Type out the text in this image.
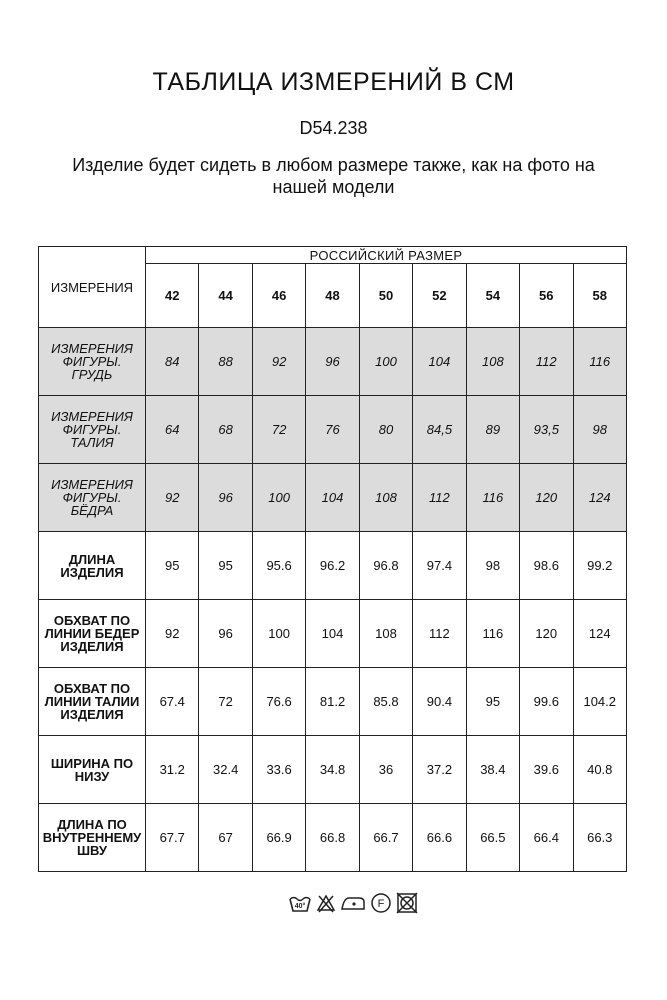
ТАБЛИЦА ИЗМЕРЕНИЙ В СМ
D54.238
Изделие будет сидеть в любом размере также, как на фото на нашей модели
ИЗМЕРЕНИЯ	РОССИЙСКИЙ РАЗМЕР								
	42	44	46	48	50	52	54	56	58
ИЗМЕРЕНИЯ ФИГУРЫ. ГРУДЬ	84	88	92	96	100	104	108	112	116
ИЗМЕРЕНИЯ ФИГУРЫ. ТАЛИЯ	64	68	72	76	80	84,5	89	93,5	98
ИЗМЕРЕНИЯ ФИГУРЫ. БЁДРА	92	96	100	104	108	112	116	120	124
ДЛИНА ИЗДЕЛИЯ	95	95	95.6	96.2	96.8	97.4	98	98.6	99.2
ОБХВАТ ПО ЛИНИИ БЕДЕР ИЗДЕЛИЯ	92	96	100	104	108	112	116	120	124
ОБХВАТ ПО ЛИНИИ ТАЛИИ ИЗДЕЛИЯ	67.4	72	76.6	81.2	85.8	90.4	95	99.6	104.2
ШИРИНА ПО НИЗУ	31.2	32.4	33.6	34.8	36	37.2	38.4	39.6	40.8
ДЛИНА ПО ВНУТРЕННЕМУ ШВУ	67.7	67	66.9	66.8	66.7	66.6	66.5	66.4	66.3
40°	F
